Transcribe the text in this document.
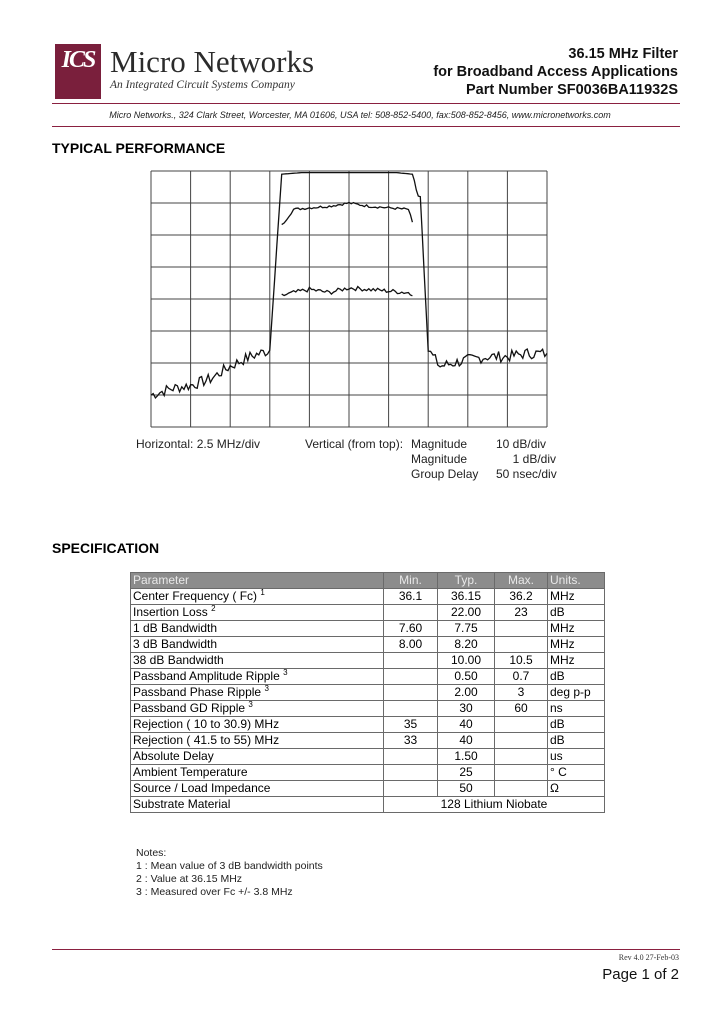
ICS Micro Networks
An Integrated Circuit Systems Company
36.15 MHz Filter
for Broadband Access Applications
Part Number SF0036BA11932S
Micro Networks., 324 Clark Street, Worcester, MA 01606, USA tel: 508-852-5400, fax:508-852-8456, www.micronetworks.com
TYPICAL PERFORMANCE
Horizontal: 2.5 MHz/div	Vertical (from top): Magnitude
Magnitude
Group Delay
10 dB/div
1 dB/div
50 nsec/div
SPECIFICATION
Parameter	Min.	Typ.	Max.	Units.
Center Frequency ( Fc) $^1$	36.1	36.15	36.2	MHz
Insertion Loss $^2$		22.00	23	dB
1 dB Bandwidth	7.60	7.75		MHz
3 dB Bandwidth	8.00	8.20		MHz
38 dB Bandwidth		10.00	10.5	MHz
Passband Amplitude Ripple $^3$		0.50	0.7	dB
Passband Phase Ripple $^3$		2.00	3	deg p-p
Passband GD Ripple $^3$		30	60	ns
Rejection ( 10 to 30.9) MHz	35	40		dB
Rejection ( 41.5 to 55) MHz	33	40		dB
Absolute Delay		1.50		us
Ambient Temperature		25		° C
Source / Load Impedance		50		Ω
Substrate Material	128 Lithium Niobate			
Notes:
1 : Mean value of 3 dB bandwidth points
2 : Value at 36.15 MHz
3 : Measured over Fc +/- 3.8 MHz
Rev 4.0 27-Feb-03
Page 1 of 2
